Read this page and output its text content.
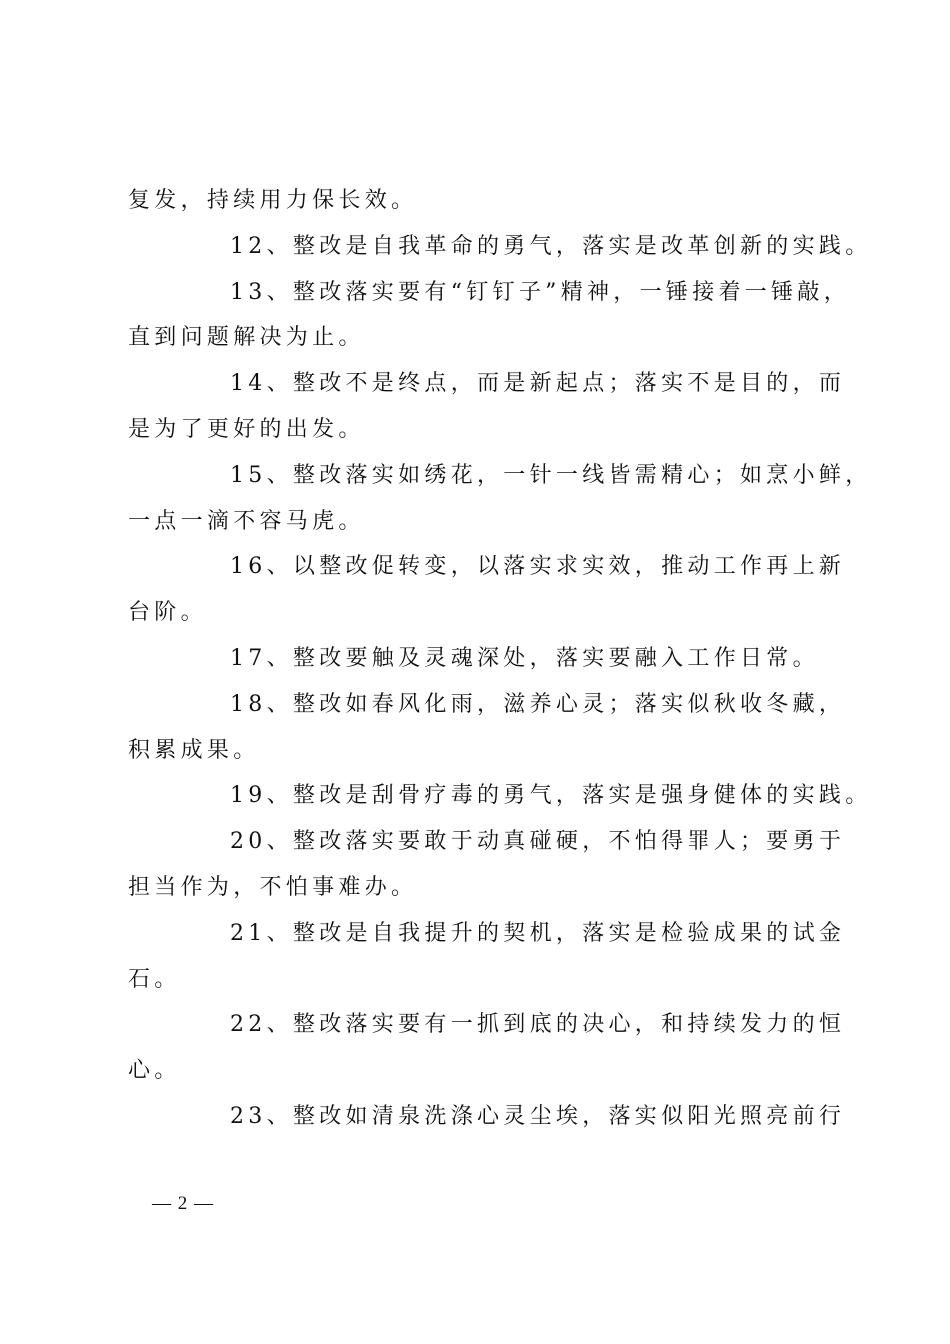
复发，持续用力保长效。
12、整改是自我革命的勇气，落实是改革创新的实践。
13、整改落实要有“钉钉子”精神，一锤接着一锤敲，
直到问题解决为止。
14、整改不是终点，而是新起点；落实不是目的，而
是为了更好的出发。
15、整改落实如绣花，一针一线皆需精心；如烹小鲜，
一点一滴不容马虎。
16、以整改促转变，以落实求实效，推动工作再上新
台阶。
17、整改要触及灵魂深处，落实要融入工作日常。
18、整改如春风化雨，滋养心灵；落实似秋收冬藏，
积累成果。
19、整改是刮骨疗毒的勇气，落实是强身健体的实践。
20、整改落实要敢于动真碰硬，不怕得罪人；要勇于
担当作为，不怕事难办。
21、整改是自我提升的契机，落实是检验成果的试金
石。
22、整改落实要有一抓到底的决心，和持续发力的恒
心。
23、整改如清泉洗涤心灵尘埃，落实似阳光照亮前行
— 2 —
